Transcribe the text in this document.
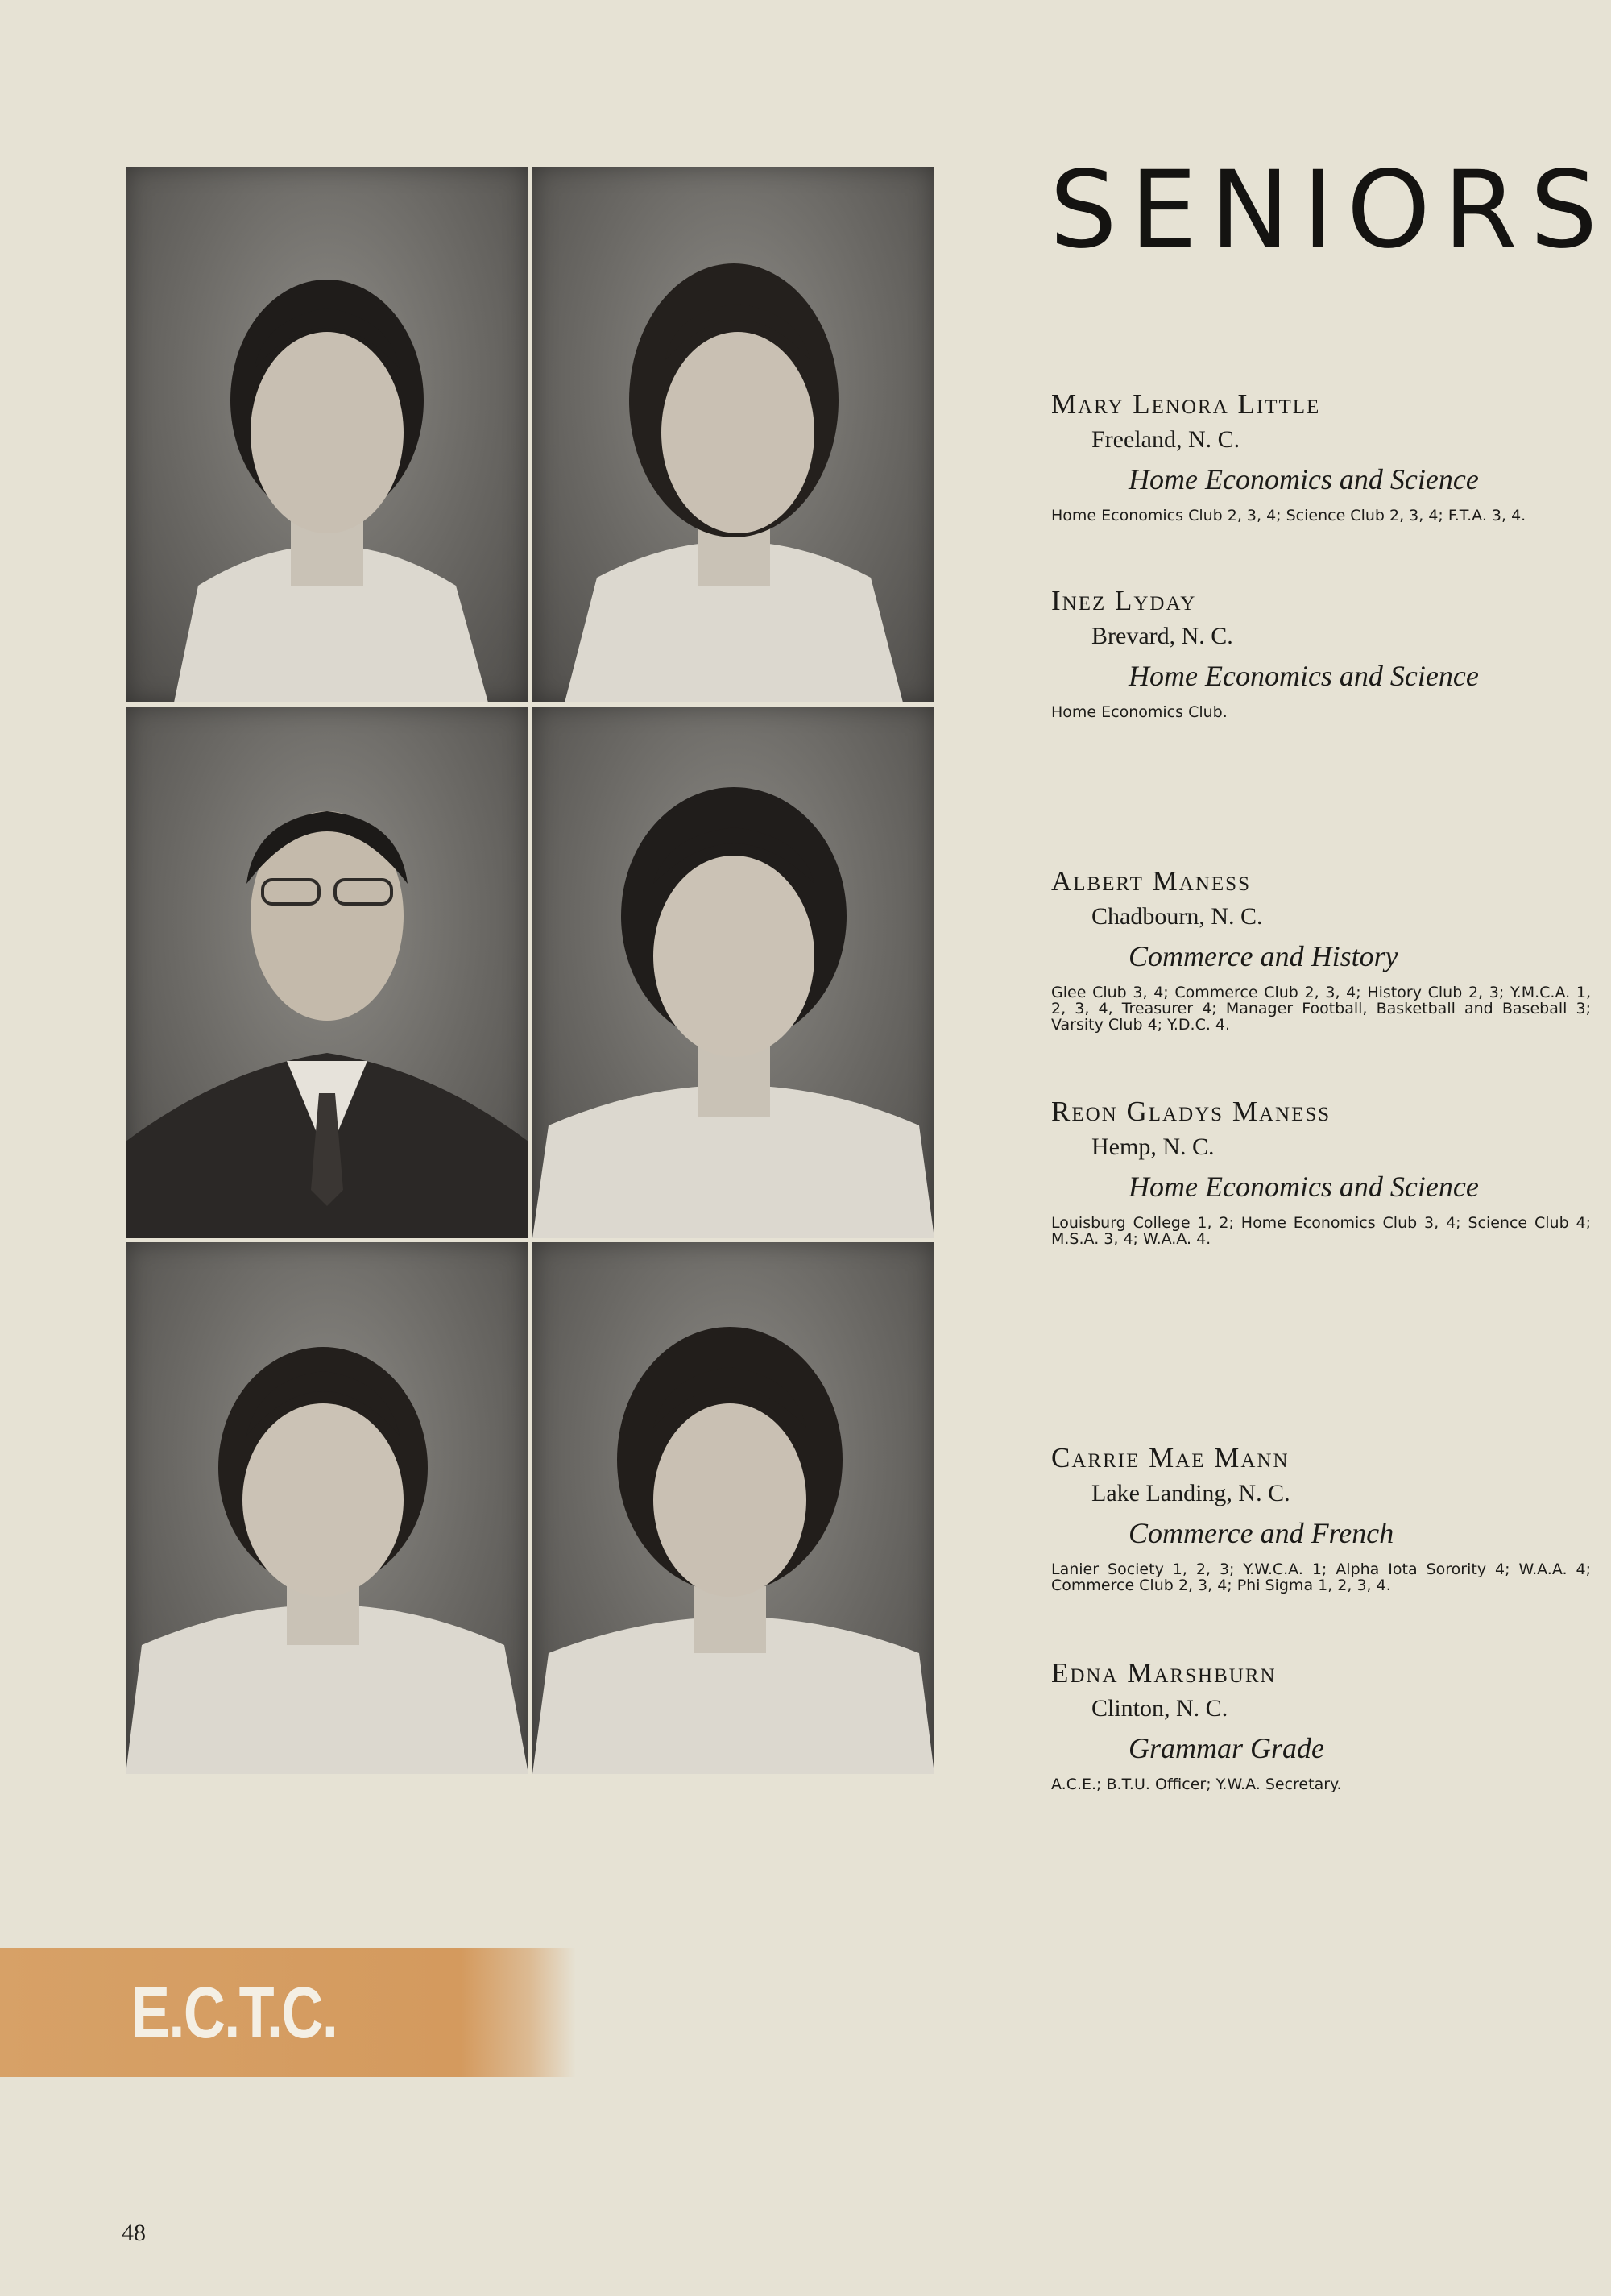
SENIORS

Mary Lenora Little

Freeland, N. C.

Home Economics and Science

Home Economics Club 2, 3, 4; Science Club 2, 3, 4; F.T.A. 3, 4.

Inez Lyday

Brevard, N. C.

Home Economics and Science

Home Economics Club.

Albert Maness

Chadbourn, N. C.

Commerce and History

Glee Club 3, 4; Commerce Club 2, 3, 4; History Club 2, 3; Y.M.C.A. 1, 2, 3, 4, Treasurer 4; Manager Football, Basketball and Baseball 3; Varsity Club 4; Y.D.C. 4.

Reon Gladys Maness

Hemp, N. C.

Home Economics and Science

Louisburg College 1, 2; Home Economics Club 3, 4; Science Club 4; M.S.A. 3, 4; W.A.A. 4.

Carrie Mae Mann

Lake Landing, N. C.

Commerce and French

Lanier Society 1, 2, 3; Y.W.C.A. 1; Alpha Iota Sorority 4; W.A.A. 4; Commerce Club 2, 3, 4; Phi Sigma 1, 2, 3, 4.

Edna Marshburn

Clinton, N. C.

Grammar Grade

A.C.E.; B.T.U. Officer; Y.W.A. Secretary.

E.C.T.C.
48
